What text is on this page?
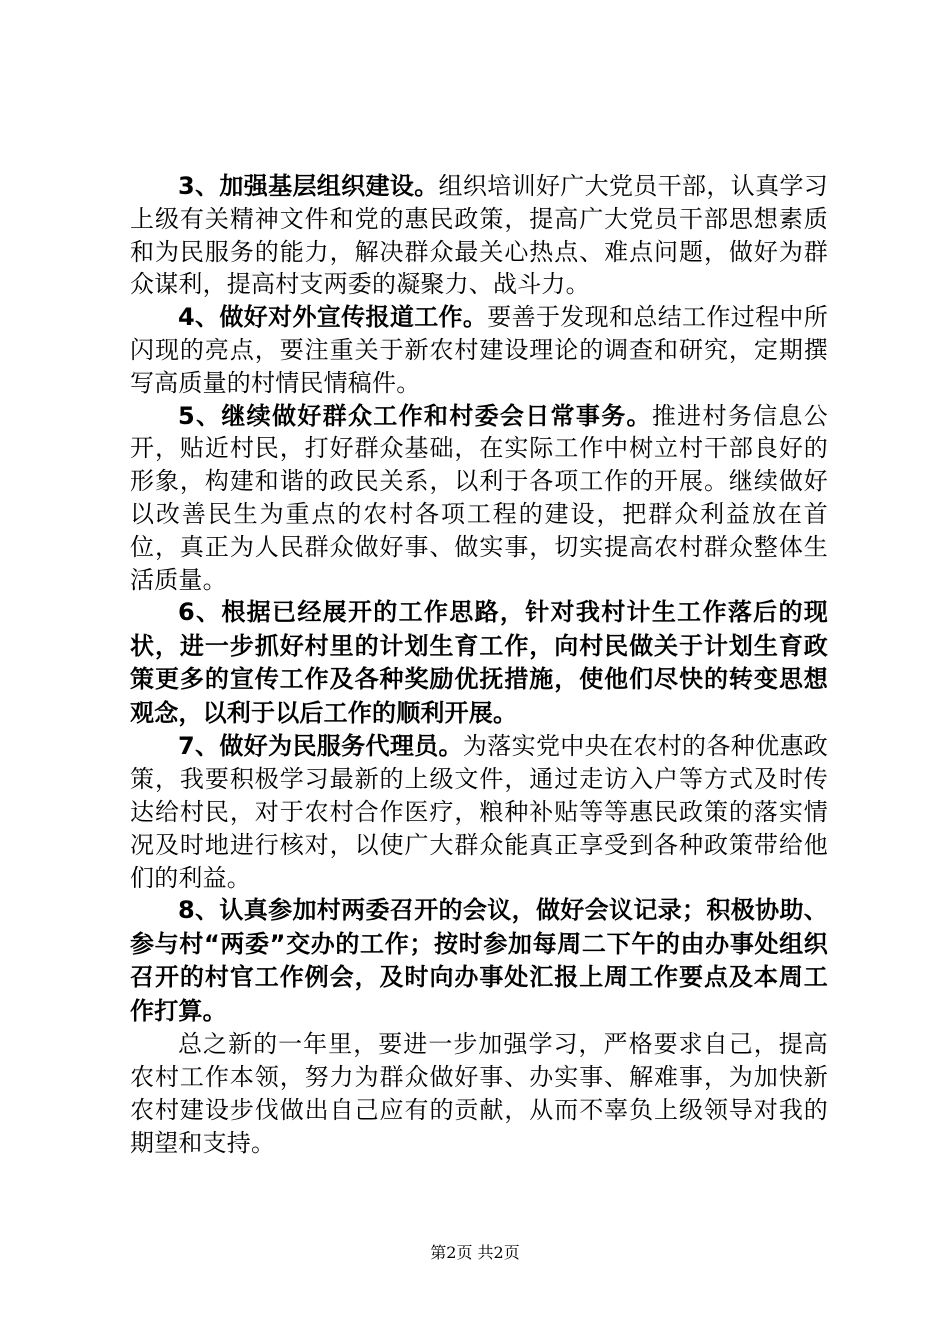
3、加强基层组织建设。组织培训好广大党员干部，认真学习上级有关精神文件和党的惠民政策，提高广大党员干部思想素质和为民服务的能力，解决群众最关心热点、难点问题，做好为群众谋利，提高村支两委的凝聚力、战斗力。

4、做好对外宣传报道工作。要善于发现和总结工作过程中所闪现的亮点，要注重关于新农村建设理论的调查和研究，定期撰写高质量的村情民情稿件。

5、继续做好群众工作和村委会日常事务。推进村务信息公开，贴近村民，打好群众基础，在实际工作中树立村干部良好的形象，构建和谐的政民关系，以利于各项工作的开展。继续做好以改善民生为重点的农村各项工程的建设，把群众利益放在首位，真正为人民群众做好事、做实事，切实提高农村群众整体生活质量。

6、根据已经展开的工作思路，针对我村计生工作落后的现状，进一步抓好村里的计划生育工作，向村民做关于计划生育政策更多的宣传工作及各种奖励优抚措施，使他们尽快的转变思想观念，以利于以后工作的顺利开展。

7、做好为民服务代理员。为落实党中央在农村的各种优惠政策，我要积极学习最新的上级文件，通过走访入户等方式及时传达给村民，对于农村合作医疗，粮种补贴等等惠民政策的落实情况及时地进行核对，以使广大群众能真正享受到各种政策带给他们的利益。

8、认真参加村两委召开的会议，做好会议记录；积极协助、参与村“两委”交办的工作；按时参加每周二下午的由办事处组织召开的村官工作例会，及时向办事处汇报上周工作要点及本周工作打算。

总之新的一年里，要进一步加强学习，严格要求自己，提高农村工作本领，努力为群众做好事、办实事、解难事，为加快新农村建设步伐做出自己应有的贡献，从而不辜负上级领导对我的期望和支持。

第2页 共2页
